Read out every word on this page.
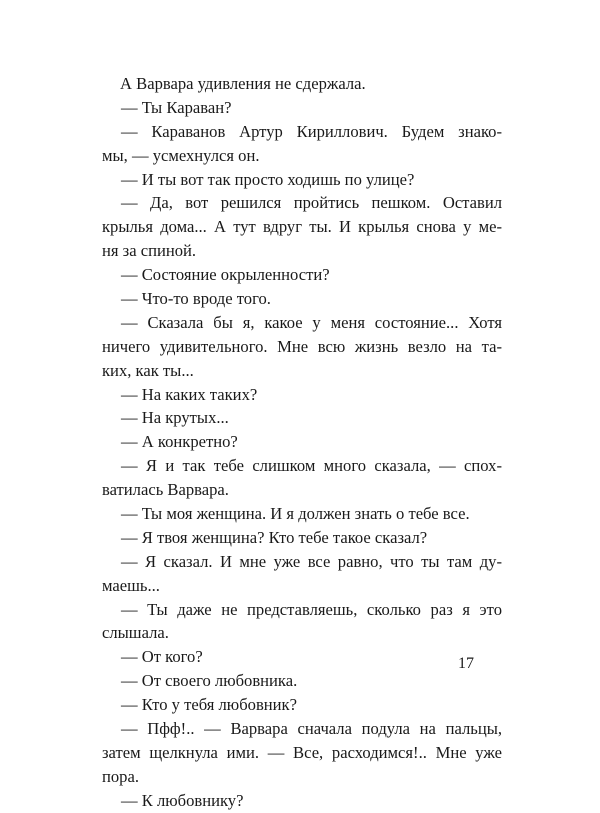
А Варвара удивления не сдержала.
— Ты Караван?
— Караванов Артур Кириллович. Будем знако-
мы, — усмехнулся он.
— И ты вот так просто ходишь по улице?
— Да, вот решился пройтись пешком. Оставил
крылья дома... А тут вдруг ты. И крылья снова у ме-
ня за спиной.
— Состояние окрыленности?
— Что-то вроде того.
— Сказала бы я, какое у меня состояние... Хотя
ничего удивительного. Мне всю жизнь везло на та-
ких, как ты...
— На каких таких?
— На крутых...
— А конкретно?
— Я и так тебе слишком много сказала, — спох-
ватилась Варвара.
— Ты моя женщина. И я должен знать о тебе все.
— Я твоя женщина? Кто тебе такое сказал?
— Я сказал. И мне уже все равно, что ты там ду-
маешь...
— Ты даже не представляешь, сколько раз я это
слышала.
— От кого?
— От своего любовника.
— Кто у тебя любовник?
— Пфф!.. — Варвара сначала подула на пальцы,
затем щелкнула ими. — Все, расходимся!.. Мне уже
пора.
— К любовнику?
17
